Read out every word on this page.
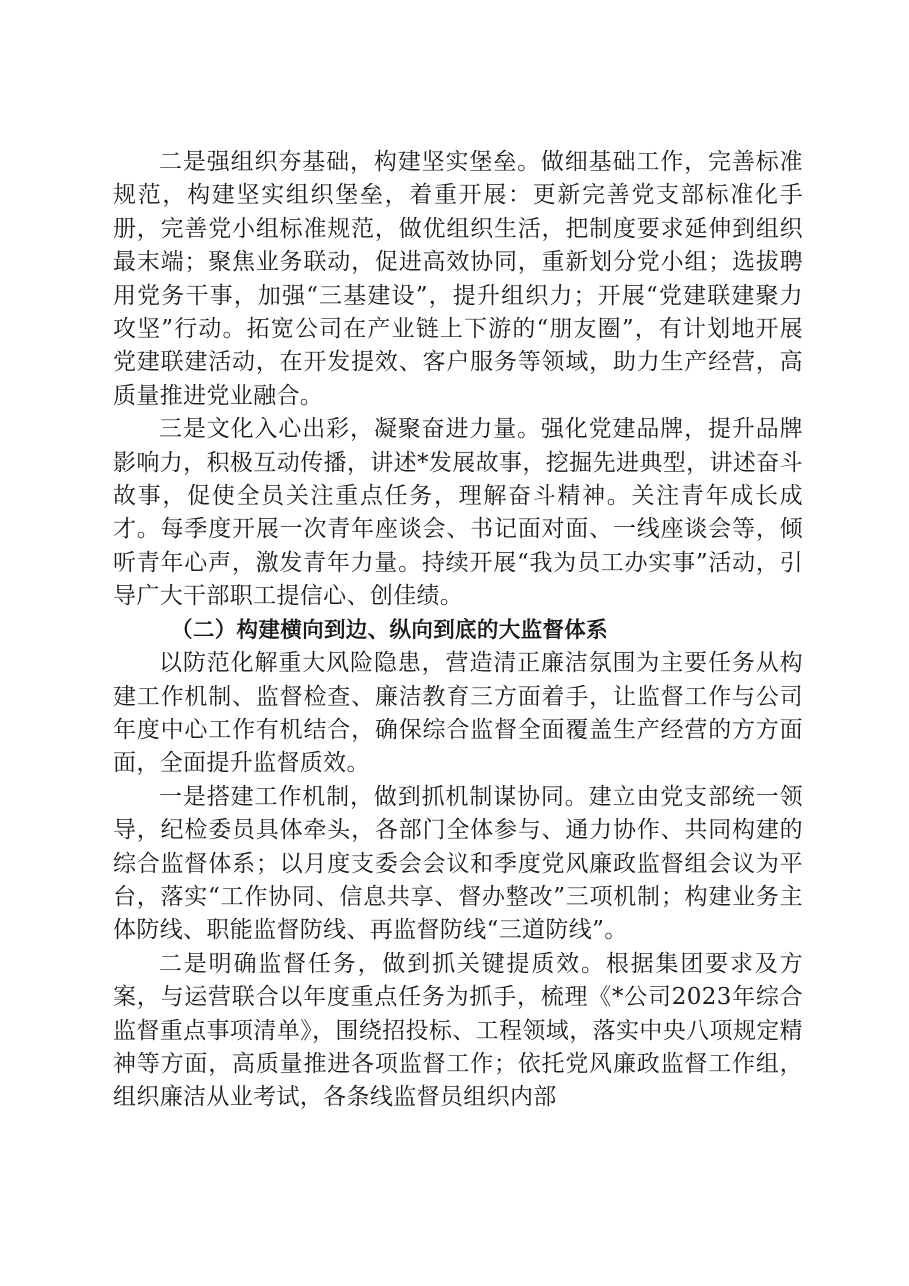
二是强组织夯基础，构建坚实堡垒。做细基础工作，完善标准规范，构建坚实组织堡垒，着重开展：更新完善党支部标准化手册，完善党小组标准规范，做优组织生活，把制度要求延伸到组织最末端；聚焦业务联动，促进高效协同，重新划分党小组；选拔聘用党务干事，加强“三基建设”，提升组织力；开展“党建联建聚力攻坚”行动。拓宽公司在产业链上下游的“朋友圈”，有计划地开展党建联建活动，在开发提效、客户服务等领域，助力生产经营，高质量推进党业融合。

三是文化入心出彩，凝聚奋进力量。强化党建品牌，提升品牌影响力，积极互动传播，讲述*发展故事，挖掘先进典型，讲述奋斗故事，促使全员关注重点任务，理解奋斗精神。关注青年成长成才。每季度开展一次青年座谈会、书记面对面、一线座谈会等，倾听青年心声，激发青年力量。持续开展“我为员工办实事”活动，引导广大干部职工提信心、创佳绩。

（二）构建横向到边、纵向到底的大监督体系

以防范化解重大风险隐患，营造清正廉洁氛围为主要任务从构建工作机制、监督检查、廉洁教育三方面着手，让监督工作与公司年度中心工作有机结合，确保综合监督全面覆盖生产经营的方方面面，全面提升监督质效。

一是搭建工作机制，做到抓机制谋协同。建立由党支部统一领导，纪检委员具体牵头，各部门全体参与、通力协作、共同构建的综合监督体系；以月度支委会会议和季度党风廉政监督组会议为平台，落实“工作协同、信息共享、督办整改”三项机制；构建业务主体防线、职能监督防线、再监督防线“三道防线”。

二是明确监督任务，做到抓关键提质效。根据集团要求及方案，与运营联合以年度重点任务为抓手，梳理《*公司2023年综合监督重点事项清单》，围绕招投标、工程领域，落实中央八项规定精神等方面，高质量推进各项监督工作；依托党风廉政监督工作组，组织廉洁从业考试，各条线监督员组织内部
